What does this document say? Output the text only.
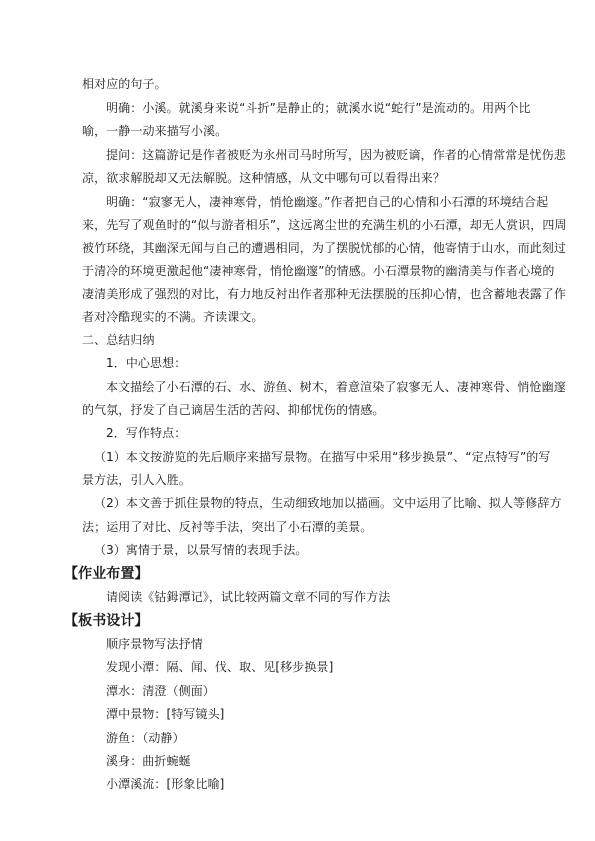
相对应的句子。
明确：小溪。就溪身来说“斗折”是静止的；就溪水说“蛇行”是流动的。用两个比
喻，一静一动来描写小溪。
提问：这篇游记是作者被贬为永州司马时所写，因为被贬谪，作者的心情常常是忧伤悲
凉，欲求解脱却又无法解脱。这种情感，从文中哪句可以看得出来？
明确：“寂寥无人，凄神寒骨，悄怆幽邃。”作者把自己的心情和小石潭的环境结合起
来，先写了观鱼时的“似与游者相乐”，这远离尘世的充满生机的小石潭，却无人赏识，四周
被竹环绕，其幽深无闻与自己的遭遇相同，为了摆脱忧郁的心情，他寄情于山水，而此刻过
于清冷的环境更激起他“凄神寒骨，悄怆幽邃”的情感。小石潭景物的幽清美与作者心境的
凄清美形成了强烈的对比，有力地反衬出作者那种无法摆脱的压抑心情，也含蓄地表露了作
者对冷酷现实的不满。齐读课文。
二、总结归纳
1．中心思想：
本文描绘了小石潭的石、水、游鱼、树木，着意渲染了寂寥无人、凄神寒骨、悄怆幽邃
的气氛，抒发了自己谪居生活的苦闷、抑郁忧伤的情感。
2．写作特点：
（1）本文按游览的先后顺序来描写景物。在描写中采用“移步换景”、“定点特写”的写
景方法，引人入胜。
（2）本文善于抓住景物的特点，生动细致地加以描画。文中运用了比喻、拟人等修辞方
法；运用了对比、反衬等手法，突出了小石潭的美景。
（3）寓情于景，以景写情的表现手法。
【作业布置】
请阅读《钴鉧潭记》，试比较两篇文章不同的写作方法
【板书设计】
顺序景物写法抒情
发现小潭：隔、闻、伐、取、见[移步换景]
潭水：清澄（侧面）
潭中景物：[特写镜头]
游鱼：（动静）
溪身：曲折蜿蜒
小潭溪流：[形象比喻]
